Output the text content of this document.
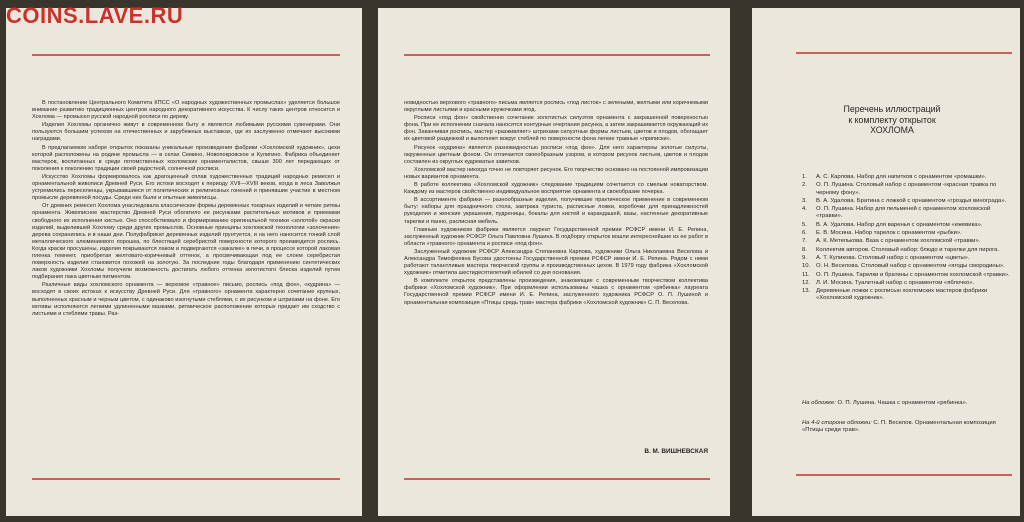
COINS.LAVE.RU

В постановлении Центрального Комитета КПСС «О народных художественных промыслах» уделяется большое внимание развитию традиционных центров народного декоративного искусства. К числу таких центров относится и Хохлома — промысел русской народной росписи по дереву.

Изделия Хохломы органично живут в современном быту и являются любимыми русскими сувенирами. Они пользуются большим успехом на отечественных и зарубежных выставках, где их заслуженно отмечают высокими наградами.

В предлагаемом наборе открыток показаны уникальные произведения фабрики «Хохломской художник», цехи которой расположены на родине промысла — в селах Семино, Новопокровское и Кулигино. Фабрика объединяет мастеров, воспитанных в среде потомственных хохломских орнаменталистов, свыше 300 лет передающих от поколения к поколению традиции своей радостной, солнечной росписи.

Искусство Хохломы формировалось как драгоценный сплав художественных традиций народных ремесел и орнаментальной живописи Древней Руси. Его истоки восходят к периоду XVII—XVIII веков, когда в леса Заволжья устремились переселенцы, укрывавшиеся от политических и религиозных гонений и принявшие участие в местном промысле деревянной посуды. Среди них были и опытные живописцы.

От древних ремесел Хохлома унаследовала классические формы деревянных токарных изделий и четкие ритмы орнамента. Живописное мастерство Древней Руси обогатило ее рисунками растительных мотивов и приемами свободного их исполнения кистью. Оно способствовало и формированию оригинальной техники «золотой» окраски изделий, выделившей Хохлому среди других промыслов. Основные принципы хохломской технологии «золочения» дерева сохранились и в наши дни. Полуфабрикат деревянных изделий грунтуется, и на него наносится тонкий слой металлического алюминиевого порошка, по блестящей серебристой поверхности которого производится роспись. Когда краски просушены, изделия покрываются лаком и подвергаются «закалке» в печи, в процессе которой лаковая пленка темнеет, приобретая желтовато-коричневый оттенок, а просвечивающая под ее слоем серебристая поверхность изделия становится похожей на золотую. За последние годы благодаря применению синтетических лаков художники Хохломы получили возможность достигать любого оттенка золотистого блеска изделий путем подбирания лака цветным пигментом.

Различные виды хохломского орнамента — верховое «травное» письмо, роспись «под фон», «кудрина» — восходят в своих истоках к искусству Древней Руси. Для «травного» орнамента характерно сочетание крупных, выполненных красным и черным цветом, с одинаково изогнутыми стеблями, с их рисунком и штрихами на фоне. Его мотивы исполняются легкими удлиненными мазками, ритмическое расположение которых придает им сходство с листьями и стеблями травы. Раз-

новидностью верхового «травного» письма является роспись «под листок» с зелеными, желтыми или коричневыми округлыми листьями и красными кружочками ягод.

Росписи «под фон» свойственно сочетание золотистых силуэтов орнамента с закрашенной поверхностью фона. При ее исполнении сначала наносятся контурные очертания рисунка, а затем закрашивается окружающий их фон. Заканчивая роспись, мастер «разживляет» штрихами силуэтные формы листьев, цветов и плодов, обогащает их цветовой раздежкой и выполняет вокруг стеблей по поверхности фона легкие травные «приписки».

Рисунок «кудрина» является разновидностью росписи «под фон». Для него характерны золотые силуэты, окруженные цветным фоном. Он отличается своеобразным узором, в котором рисунок листьев, цветов и плодов составлен из округлых кудреватых завитков.

Хохломской мастер никогда точно не повторяет рисунок. Его творчество основано на постоянной импровизации новых вариантов орнамента.

В работе коллектива «Хохломской художник» следование традициям сочетается со смелым новаторством. Каждому из мастеров свойственно индивидуальное восприятие орнамента и своеобразие почерка.

В ассортименте фабрики — разнообразные изделия, получившие практическое применение в современном быту: наборы для праздничного стола, завтрака туриста, расписные ложки, коробочки для принадлежностей рукоделия и женские украшения, пудреницы, бокалы для кистей и карандашей, вазы, настенные декоративные тарелки и панно, расписная мебель.

Главным художником фабрики является лауреат Государственной премии РСФСР имени И. Е. Репина, заслуженный художник РСФСР Ольга Павловна Лушина. В подборку открыток вошли интереснейшие из ее работ в области «травного» орнамента и росписи «под фон».

Заслуженный художник РСФСР Александра Степановна Карпова, художники Ольга Николаевна Веселова и Александра Тимофеевна Бусова удостоены Государственной премии РСФСР имени И. Е. Репина. Рядом с ними работают талантливые мастера творческой группы и производственных цехов. В 1979 году фабрика «Хохломской художник» отметила шестидесятилетний юбилей со дня основания.

В комплекте открыток представлены произведения, знакомящие с современным творчеством коллектива фабрики «Хохломской художник». При оформлении использованы чашка с орнаментом «рябинка» лауреата Государственной премии РСФСР имени И. Е. Репина, заслуженного художника РСФСР О. П. Лушиной и орнаментальная композиция «Птицы средь трав» мастера фабрики «Хохломской художник» С. П. Веселова.

В. М. ВИШНЕВСКАЯ
Перечень иллюстраций
к комплекту открыток
ХОХЛОМА
1.	А. С. Карпова. Набор для напитков с орнаментом «ромашки».
2.	О. П. Лушина. Столовый набор с орнаментом «красная травка по черному фону».
3.	В. А. Удалова. Братина с ложкой с орнаментом «гроздья винограда».
4.	О. П. Лушина. Набор для пельменей с орнаментом хохломской «травки».
5.	В. А. Удалова. Набор для варенья с орнаментом «ежевика».
6.	Е. В. Мосина. Набор тарелок с орнаментом «рыбки».
7.	А. К. Метелькова. Ваза с орнаментом хохломской «травки».
8.	Коллектив авторов. Столовый набор: блюдо и тарелки для пирога.
9.	А. Т. Куликова. Столовый набор с орнаментом «цветы».
10. О. Н. Веселова. Столовый набор с орнаментом «ягоды смородины».
11.	О. П. Лушина. Тарелки и братины с орнаментом хохломской «травки».
12. Л. И. Мосина. Туалетный набор с орнаментом «яблочко».
13. Деревянные ложки с росписью хохломских мастеров фабрики «Хохломской художник».
На обложке: О. П. Лушина. Чашка с орнаментом «рябинка».
На 4-й стороне обложки: С. П. Веселов. Орнаментальная композиция «Птицы среди трав».
